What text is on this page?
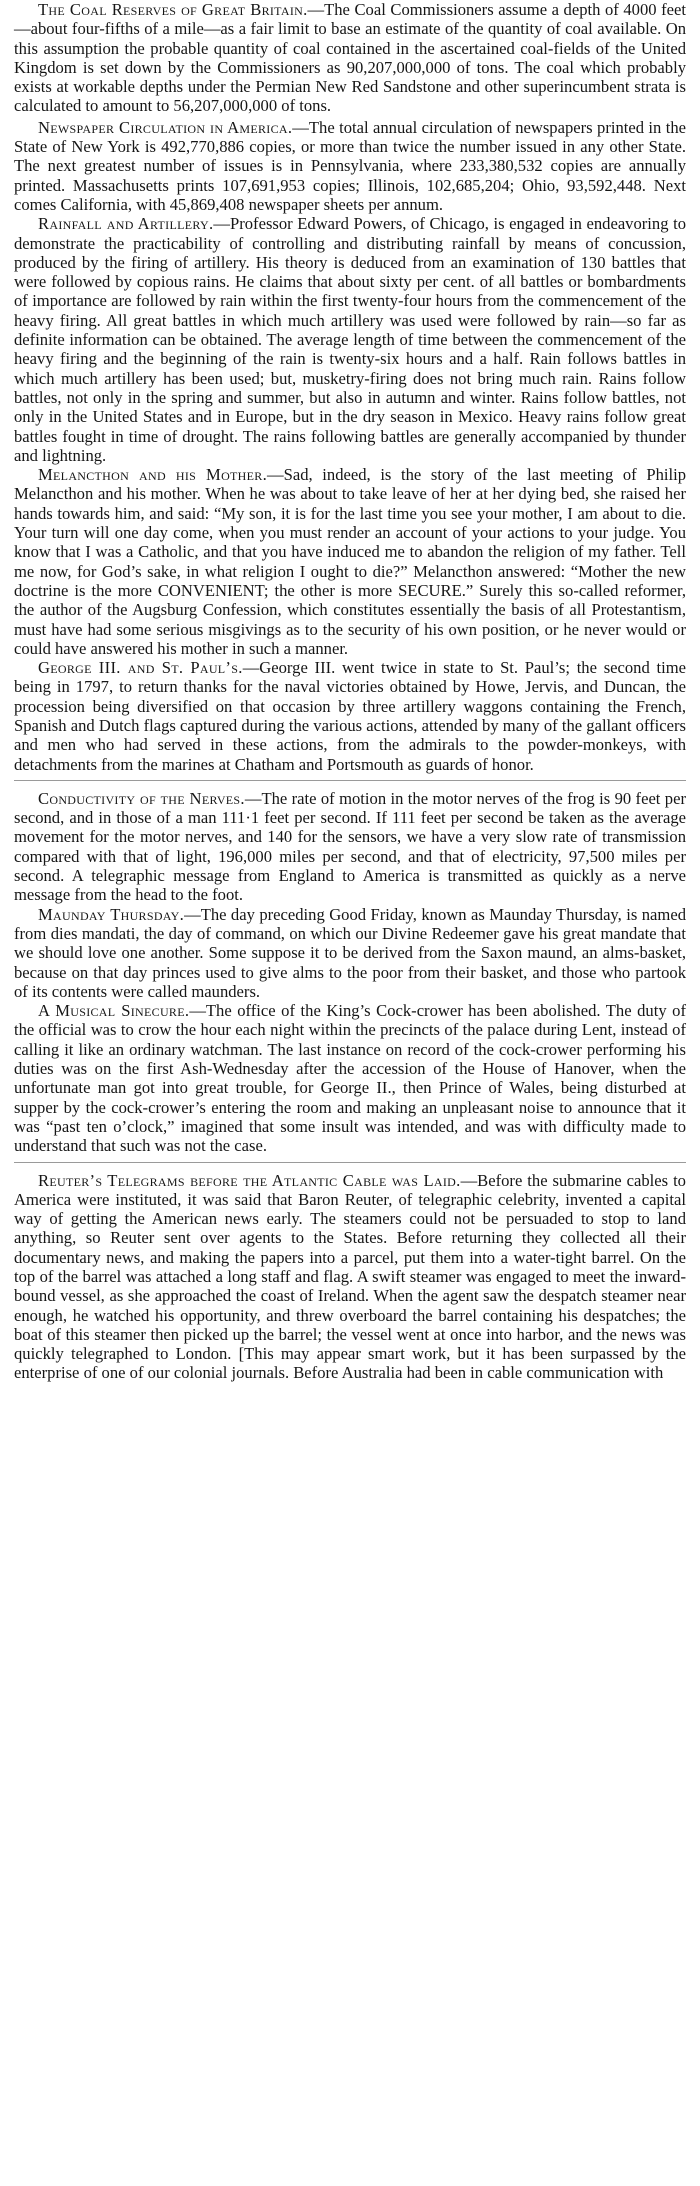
The Coal Reserves of Great Britain.—The Coal Commissioners assume a depth of 4000 feet—about four-fifths of a mile—as a fair limit to base an estimate of the quantity of coal available. On this assumption the probable quantity of coal contained in the ascertained coal-fields of the United Kingdom is set down by the Commissioners as 90,207,000,000 of tons. The coal which probably exists at workable depths under the Permian New Red Sandstone and other superincumbent strata is calculated to amount to 56,207,000,000 of tons.

Newspaper Circulation in America.—The total annual circulation of newspapers printed in the State of New York is 492,770,886 copies, or more than twice the number issued in any other State. The next greatest number of issues is in Pennsylvania, where 233,380,532 copies are annually printed. Massachusetts prints 107,691,953 copies; Illinois, 102,685,204; Ohio, 93,592,448. Next comes California, with 45,869,408 newspaper sheets per annum.

Rainfall and Artillery.—Professor Edward Powers, of Chicago, is engaged in endeavoring to demonstrate the practicability of controlling and distributing rainfall by means of concussion, produced by the firing of artillery. His theory is deduced from an examination of 130 battles that were followed by copious rains. He claims that about sixty per cent. of all battles or bombardments of importance are followed by rain within the first twenty-four hours from the commencement of the heavy firing. All great battles in which much artillery was used were followed by rain—so far as definite information can be obtained. The average length of time between the commencement of the heavy firing and the beginning of the rain is twenty-six hours and a half. Rain follows battles in which much artillery has been used; but, musketry-firing does not bring much rain. Rains follow battles, not only in the spring and summer, but also in autumn and winter. Rains follow battles, not only in the United States and in Europe, but in the dry season in Mexico. Heavy rains follow great battles fought in time of drought. The rains following battles are generally accompanied by thunder and lightning.

Melancthon and his Mother.—Sad, indeed, is the story of the last meeting of Philip Melancthon and his mother. When he was about to take leave of her at her dying bed, she raised her hands towards him, and said: “My son, it is for the last time you see your mother, I am about to die. Your turn will one day come, when you must render an account of your actions to your judge. You know that I was a Catholic, and that you have induced me to abandon the religion of my father. Tell me now, for God’s sake, in what religion I ought to die?” Melancthon answered: “Mother the new doctrine is the more CONVENIENT; the other is more SECURE.” Surely this so-called reformer, the author of the Augsburg Confession, which constitutes essentially the basis of all Protestantism, must have had some serious misgivings as to the security of his own position, or he never would or could have answered his mother in such a manner.

George III. and St. Paul’s.—George III. went twice in state to St. Paul’s; the second time being in 1797, to return thanks for the naval victories obtained by Howe, Jervis, and Duncan, the procession being diversified on that occasion by three artillery waggons containing the French, Spanish and Dutch flags captured during the various actions, attended by many of the gallant officers and men who had served in these actions, from the admirals to the powder-monkeys, with detachments from the marines at Chatham and Portsmouth as guards of honor.

Conductivity of the Nerves.—The rate of motion in the motor nerves of the frog is 90 feet per second, and in those of a man 111·1 feet per second. If 111 feet per second be taken as the average movement for the motor nerves, and 140 for the sensors, we have a very slow rate of transmission compared with that of light, 196,000 miles per second, and that of electricity, 97,500 miles per second. A telegraphic message from England to America is transmitted as quickly as a nerve message from the head to the foot.

Maunday Thursday.—The day preceding Good Friday, known as Maunday Thursday, is named from dies mandati, the day of command, on which our Divine Redeemer gave his great mandate that we should love one another. Some suppose it to be derived from the Saxon maund, an alms-basket, because on that day princes used to give alms to the poor from their basket, and those who partook of its contents were called maunders.

A Musical Sinecure.—The office of the King’s Cock-crower has been abolished. The duty of the official was to crow the hour each night within the precincts of the palace during Lent, instead of calling it like an ordinary watchman. The last instance on record of the cock-crower performing his duties was on the first Ash-Wednesday after the accession of the House of Hanover, when the unfortunate man got into great trouble, for George II., then Prince of Wales, being disturbed at supper by the cock-crower’s entering the room and making an unpleasant noise to announce that it was “past ten o’clock,” imagined that some insult was intended, and was with difficulty made to understand that such was not the case.

Reuter’s Telegrams before the Atlantic Cable was Laid.—Before the submarine cables to America were instituted, it was said that Baron Reuter, of telegraphic celebrity, invented a capital way of getting the American news early. The steamers could not be persuaded to stop to land anything, so Reuter sent over agents to the States. Before returning they collected all their documentary news, and making the papers into a parcel, put them into a water-tight barrel. On the top of the barrel was attached a long staff and flag. A swift steamer was engaged to meet the inward-bound vessel, as she approached the coast of Ireland. When the agent saw the despatch steamer near enough, he watched his opportunity, and threw overboard the barrel containing his despatches; the boat of this steamer then picked up the barrel; the vessel went at once into harbor, and the news was quickly telegraphed to London. [This may appear smart work, but it has been surpassed by the enterprise of one of our colonial journals. Before Australia had been in cable communication with
